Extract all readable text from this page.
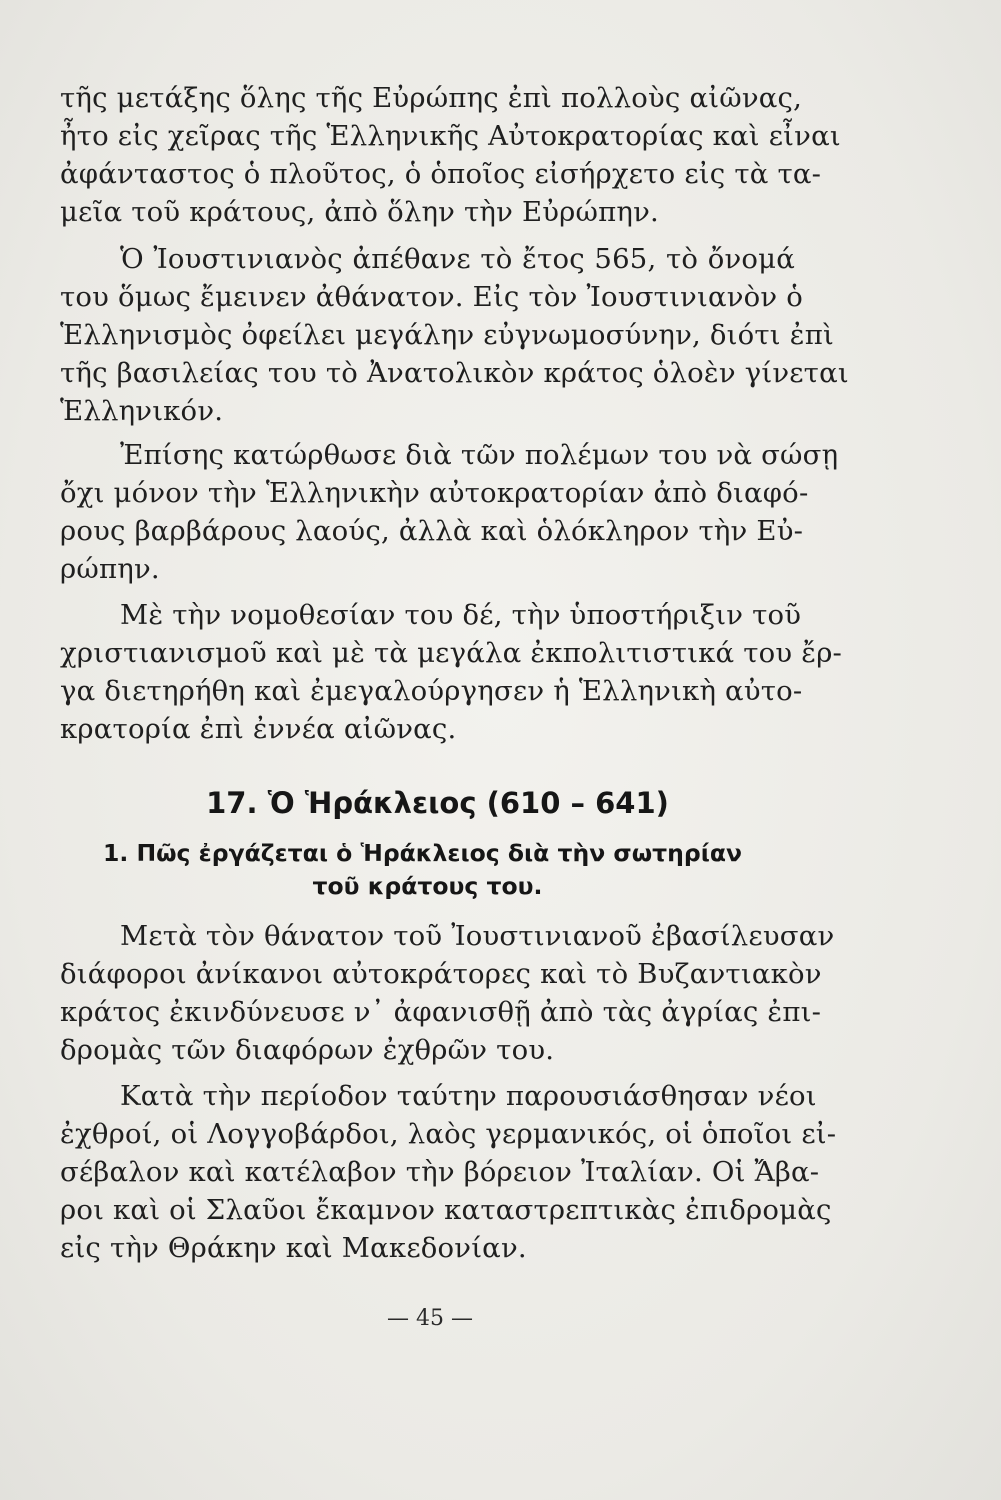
τῆς μετάξης ὅλης τῆς Εὐρώπης ἐπὶ πολλοὺς αἰῶνας,
ἦτο εἰς χεῖρας τῆς Ἑλληνικῆς Αὐτοκρατορίας καὶ εἶναι
ἀφάνταστος ὁ πλοῦτος, ὁ ὁποῖος εἰσήρχετο εἰς τὰ τα-
μεῖα τοῦ κράτους, ἀπὸ ὅλην τὴν Εὐρώπην.
Ὁ Ἰουστινιανὸς ἀπέθανε τὸ ἔτος 565, τὸ ὄνομά
του ὅμως ἔμεινεν ἀθάνατον. Εἰς τὸν Ἰουστινιανὸν ὁ
Ἑλληνισμὸς ὀφείλει μεγάλην εὐγνωμοσύνην, διότι ἐπὶ
τῆς βασιλείας του τὸ Ἀνατολικὸν κράτος ὁλοὲν γίνεται
Ἑλληνικόν.
Ἐπίσης κατώρθωσε διὰ τῶν πολέμων του νὰ σώσῃ
ὄχι μόνον τὴν Ἑλληνικὴν αὐτοκρατορίαν ἀπὸ διαφό-
ρους βαρβάρους λαούς, ἀλλὰ καὶ ὁλόκληρον τὴν Εὐ-
ρώπην.
Μὲ τὴν νομοθεσίαν του δέ, τὴν ὑποστήριξιν τοῦ
χριστιανισμοῦ καὶ μὲ τὰ μεγάλα ἐκπολιτιστικά του ἔρ-
γα διετηρήθη καὶ ἐμεγαλούργησεν ἡ Ἑλληνικὴ αὐτο-
κρατορία ἐπὶ ἐννέα αἰῶνας.
17. Ὁ Ἡράκλειος (610 – 641)
1. Πῶς ἐργάζεται ὁ Ἡράκλειος διὰ τὴν σωτηρίαν
τοῦ κράτους του.
Μετὰ τὸν θάνατον τοῦ Ἰουστινιανοῦ ἐβασίλευσαν
διάφοροι ἀνίκανοι αὐτοκράτορες καὶ τὸ Βυζαντιακὸν
κράτος ἐκινδύνευσε ν᾽ ἀφανισθῇ ἀπὸ τὰς ἀγρίας ἐπι-
δρομὰς τῶν διαφόρων ἐχθρῶν του.
Κατὰ τὴν περίοδον ταύτην παρουσιάσθησαν νέοι
ἐχθροί, οἱ Λογγοβάρδοι, λαὸς γερμανικός, οἱ ὁποῖοι εἰ-
σέβαλον καὶ κατέλαβον τὴν βόρειον Ἰταλίαν. Οἱ Ἄβα-
ροι καὶ οἱ Σλαῦοι ἔκαμνον καταστρεπτικὰς ἐπιδρομὰς
εἰς τὴν Θράκην καὶ Μακεδονίαν.
— 45 —
